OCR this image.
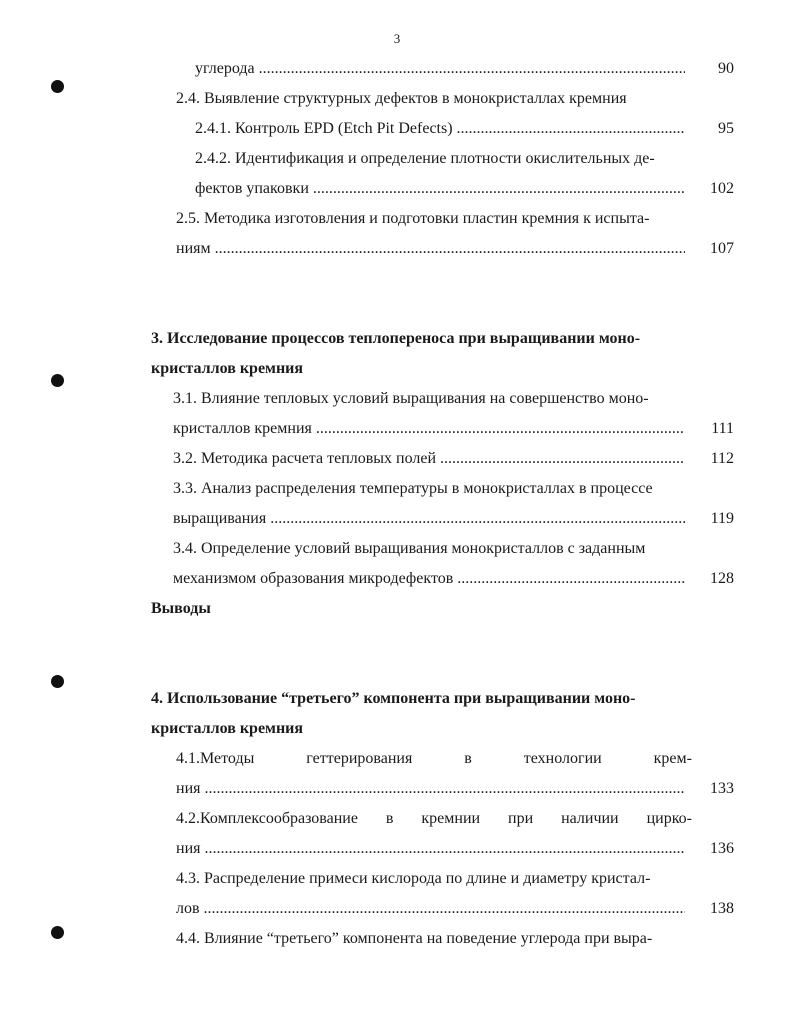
3
углерода .....	90
2.4. Выявление структурных дефектов в монокристаллах кремния
2.4.1. Контроль EPD (Etch Pit Defects) .....	95
2.4.2. Идентификация и определение плотности окислительных де-
фектов упаковки .....	102
2.5. Методика изготовления и подготовки пластин кремния к испыта-
ниям .....	107
3. Исследование процессов теплопереноса при выращивании моно-
кристаллов кремния
3.1. Влияние тепловых условий выращивания на совершенство моно-
кристаллов кремния .....	111
3.2. Методика расчета тепловых полей .....	112
3.3. Анализ распределения температуры в монокристаллах в процессе
выращивания .....	119
3.4. Определение условий выращивания монокристаллов с заданным
механизмом образования микродефектов .....	128
Выводы
4. Использование “третьего” компонента при выращивании моно-
кристаллов кремния
4.1.Методы	геттерирования	в	технологии	крем-
ния .....	133
4.2.Комплексообразование в кремнии при наличии цирко-
ния .....	136
4.3. Распределение примеси кислорода по длине и диаметру кристал-
лов .....	138
4.4. Влияние “третьего” компонента на поведение углерода при выра-
